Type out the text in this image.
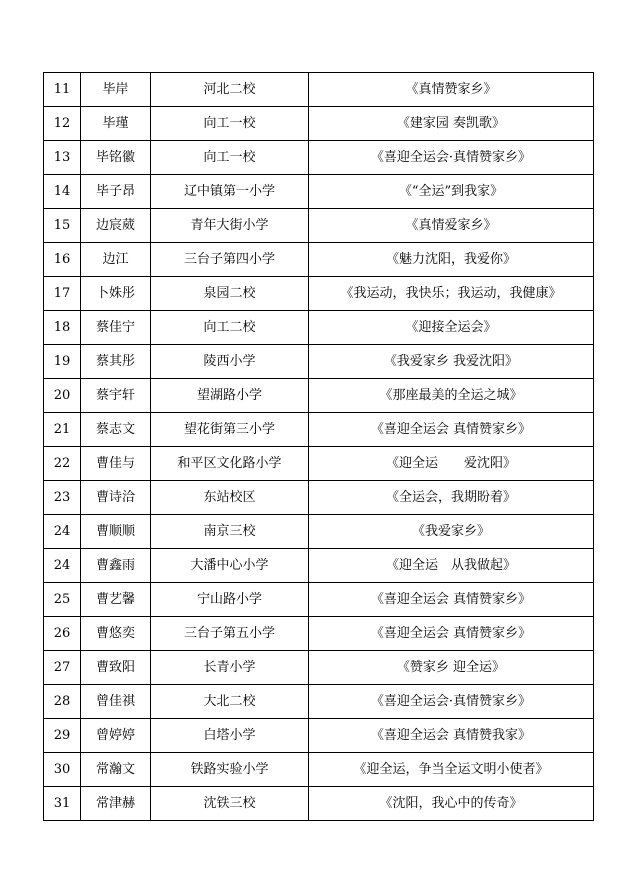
11	毕岸	河北二校	《真情赞家乡》
12	毕瑾	向工一校	《建家园 奏凯歌》
13	毕铭徽	向工一校	《喜迎全运会·真情赞家乡》
14	毕子昂	辽中镇第一小学	《“全运”到我家》
15	边宸葳	青年大街小学	《真情爱家乡》
16	边江	三台子第四小学	《魅力沈阳，我爱你》
17	卜姝彤	泉园二校	《我运动，我快乐；我运动，我健康》
18	蔡佳宁	向工二校	《迎接全运会》
19	蔡其彤	陵西小学	《我爱家乡 我爱沈阳》
20	蔡宇轩	望湖路小学	《那座最美的全运之城》
21	蔡志文	望花街第三小学	《喜迎全运会 真情赞家乡》
22	曹佳与	和平区文化路小学	《迎全运　　爱沈阳》
23	曹诗洽	东站校区	《全运会，我期盼着》
24	曹顺顺	南京三校	《我爱家乡》
24	曹鑫雨	大潘中心小学	《迎全运　从我做起》
25	曹艺馨	宁山路小学	《喜迎全运会 真情赞家乡》
26	曹悠奕	三台子第五小学	《喜迎全运会 真情赞家乡》
27	曹致阳	长青小学	《赞家乡 迎全运》
28	曾佳祺	大北二校	《喜迎全运会·真情赞家乡》
29	曾婷婷	白塔小学	《喜迎全运会 真情赞我家》
30	常瀚文	铁路实验小学	《迎全运，争当全运文明小使者》
31	常津赫	沈铁三校	《沈阳，我心中的传奇》
